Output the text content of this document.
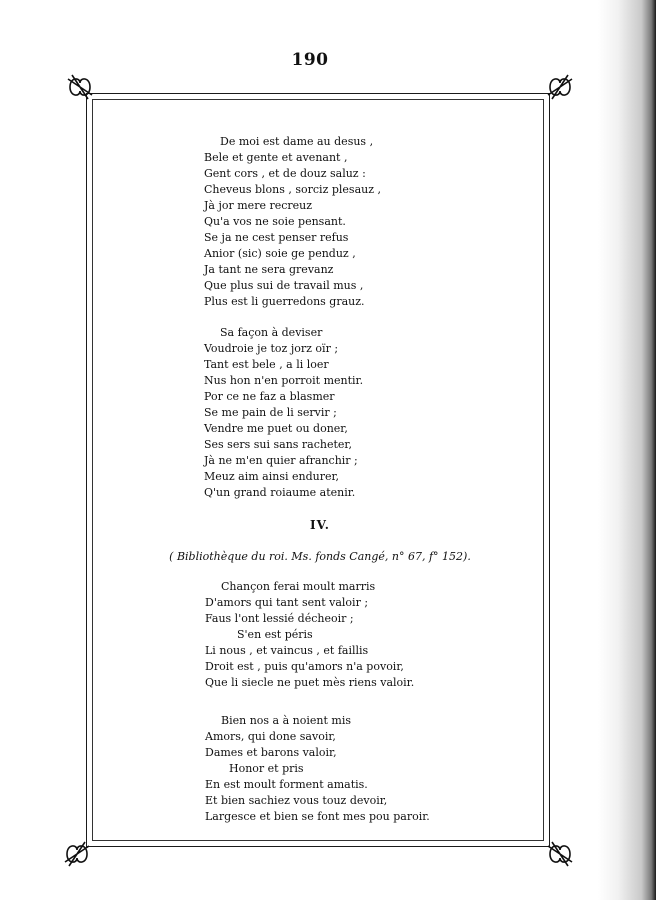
190
De moi est dame au desus ,
Bele et gente et avenant ,
Gent cors , et de douz saluz :
Cheveus blons , sorciz plesauz ,
Jà jor mere recreuz
Qu'a vos ne soie pensant.
Se ja ne cest penser refus
Anior (sic) soie ge penduz ,
Ja tant ne sera grevanz
Que plus sui de travail mus ,
Plus est li guerredons grauz.
Sa façon à deviser
Voudroie je toz jorz oïr ;
Tant est bele , a li loer
Nus hon n'en porroit mentir.
Por ce ne faz a blasmer
Se me pain de li servir ;
Vendre me puet ou doner,
Ses sers sui sans racheter,
Jà ne m'en quier afranchir ;
Meuz aim ainsi endurer,
Q'un grand roiaume atenir.
IV.
( Bibliothèque du roi. Ms. fonds Cangé, n° 67, f° 152).
Chançon ferai moult marris
D'amors qui tant sent valoir ;
Faus l'ont lessié décheoir ;
S'en est péris
Li nous , et vaincus , et faillis
Droit est , puis qu'amors n'a povoir,
Que li siecle ne puet mès riens valoir.
Bien nos a à noient mis
Amors, qui done savoir,
Dames et barons valoir,
Honor et pris
En est moult forment amatis.
Et bien sachiez vous touz devoir,
Largesce et bien se font mes pou paroir.
